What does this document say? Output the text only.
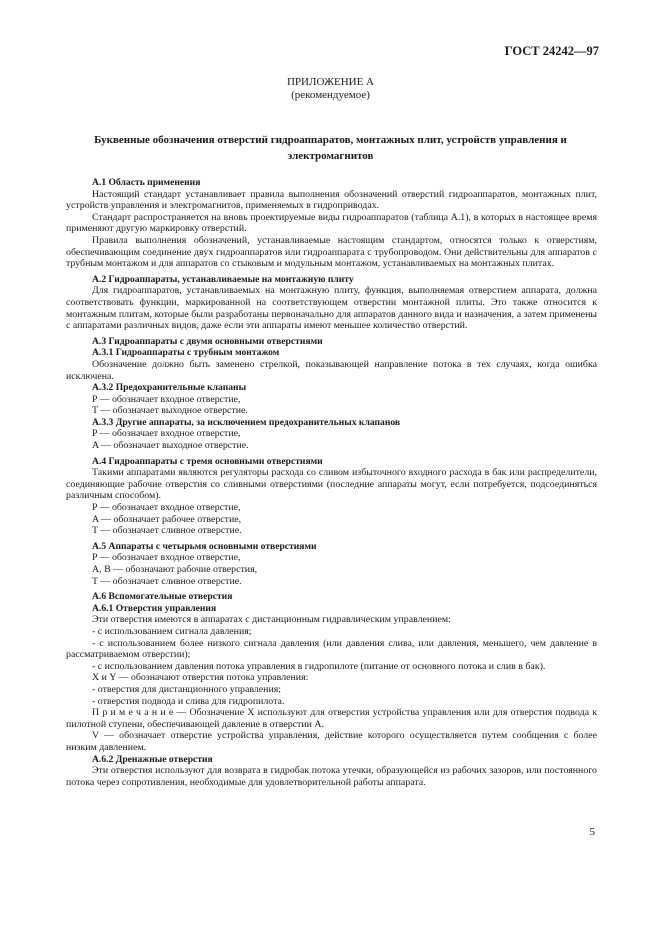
ГОСТ 24242—97
ПРИЛОЖЕНИЕ А
(рекомендуемое)
Буквенные обозначения отверстий гидроаппаратов, монтажных плит, устройств управления и электромагнитов

А.1 Область применения

Настоящий стандарт устанавливает правила выполнения обозначений отверстий гидроаппаратов, монтажных плит, устройств управления и электромагнитов, применяемых в гидроприводах.

Стандарт распространяется на вновь проектируемые виды гидроаппаратов (таблица А.1), в которых в настоящее время применяют другую маркировку отверстий.

Правила выполнения обозначений, устанавливаемые настоящим стандартом, относятся только к отверстиям, обеспечивающим соединение двух гидроаппаратов или гидроаппарата с трубопроводом. Они действительны для аппаратов с трубным монтажом и для аппаратов со стыковым и модульным монтажом, устанавливаемых на монтажных плитах.

А.2 Гидроаппараты, устанавливаемые на монтажную плиту

Для гидроаппаратов, устанавливаемых на монтажную плиту, функция, выполняемая отверстием аппарата, должна соответствовать функции, маркированной на соответствующем отверстии монтажной плиты. Это также относится к монтажным плитам, которые были разработаны первоначально для аппаратов данного вида и назначения, а затем применены с аппаратами различных видов, даже если эти аппараты имеют меньшее количество отверстий.

А.3 Гидроаппараты с двумя основными отверстиями

А.3.1 Гидроаппараты с трубным монтажом

Обозначение должно быть заменено стрелкой, показывающей направление потока в тех случаях, когда ошибка исключена.

А.3.2 Предохранительные клапаны

P — обозначает входное отверстие,

T — обозначает выходное отверстие.

А.3.3 Другие аппараты, за исключением предохранительных клапанов

P — обозначает входное отверстие,

A — обозначает выходное отверстие.

А.4 Гидроаппараты с тремя основными отверстиями

Такими аппаратами являются регуляторы расхода со сливом избыточного входного расхода в бак или распределители, соединяющие рабочие отверстия со сливными отверстиями (последние аппараты могут, если потребуется, подсоединяться различным способом).

P — обозначает входное отверстие,

A — обозначает рабочее отверстие,

T — обозначает сливное отверстие.

А.5 Аппараты с четырьмя основными отверстиями

P — обозначает входное отверстие,

A, B — обозначают рабочие отверстия,

T — обозначает сливное отверстие.

А.6 Вспомогательные отверстия

А.6.1 Отверстия управления

Эти отверстия имеются в аппаратах с дистанционным гидравлическим управлением:

- с использованием сигнала давления;

- с использованием более низкого сигнала давления (или давления слива, или давления, меньшего, чем давление в рассматриваемом отверстии);

- с использованием давления потока управления в гидропилоте (питание от основного потока и слив в бак).

X и Y — обозначают отверстия потока управления:

- отверстия для дистанционного управления;

- отверстия подвода и слива для гидропилота.

П р и м е ч а н и е — Обозначение X используют для отверстия устройства управления или для отверстия подвода к пилотной ступени, обеспечивающей давление в отверстии A.

V — обозначает отверстие устройства управления, действие которого осуществляется путем сообщения с более низким давлением.

А.6.2 Дренажные отверстия

Эти отверстия используют для возврата в гидробак потока утечки, образующейся из рабочих зазоров, или постоянного потока через сопротивления, необходимые для удовлетворительной работы аппарата.

5
